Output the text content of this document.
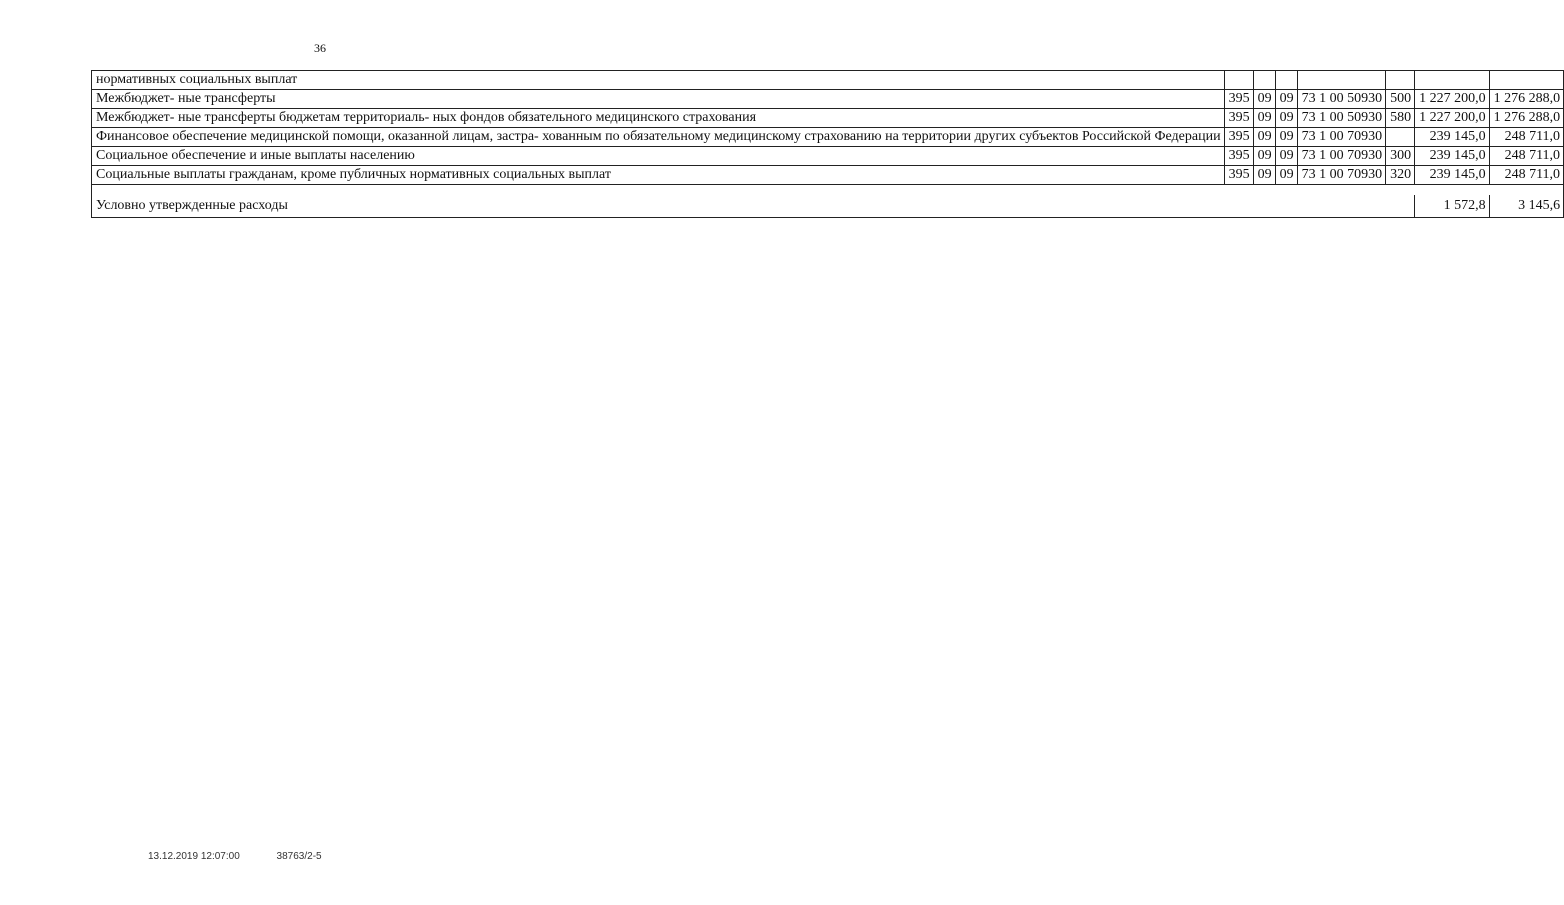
36
нормативных социальных выплат							
Межбюджет- ные трансферты	395	09	09	73 1 00 50930	500	1 227 200,0	1 276 288,0
Межбюджет- ные трансферты бюджетам территориаль- ных фондов обязательного медицинского страхования	395	09	09	73 1 00 50930	580	1 227 200,0	1 276 288,0
Финансовое обеспечение медицинской помощи, оказанной лицам, застра- хованным по обязательному медицинскому страхованию на территории других субъектов Российской Федерации	395	09	09	73 1 00 70930		239 145,0	248 711,0
Социальное обеспечение и иные выплаты населению	395	09	09	73 1 00 70930	300	239 145,0	248 711,0
Социальные выплаты гражданам, кроме публичных нормативных социальных выплат	395	09	09	73 1 00 70930	320	239 145,0	248 711,0

Условно утвержденные расходы						1 572,8	3 145,6
13.12.2019 12:07:00	38763/2-5
